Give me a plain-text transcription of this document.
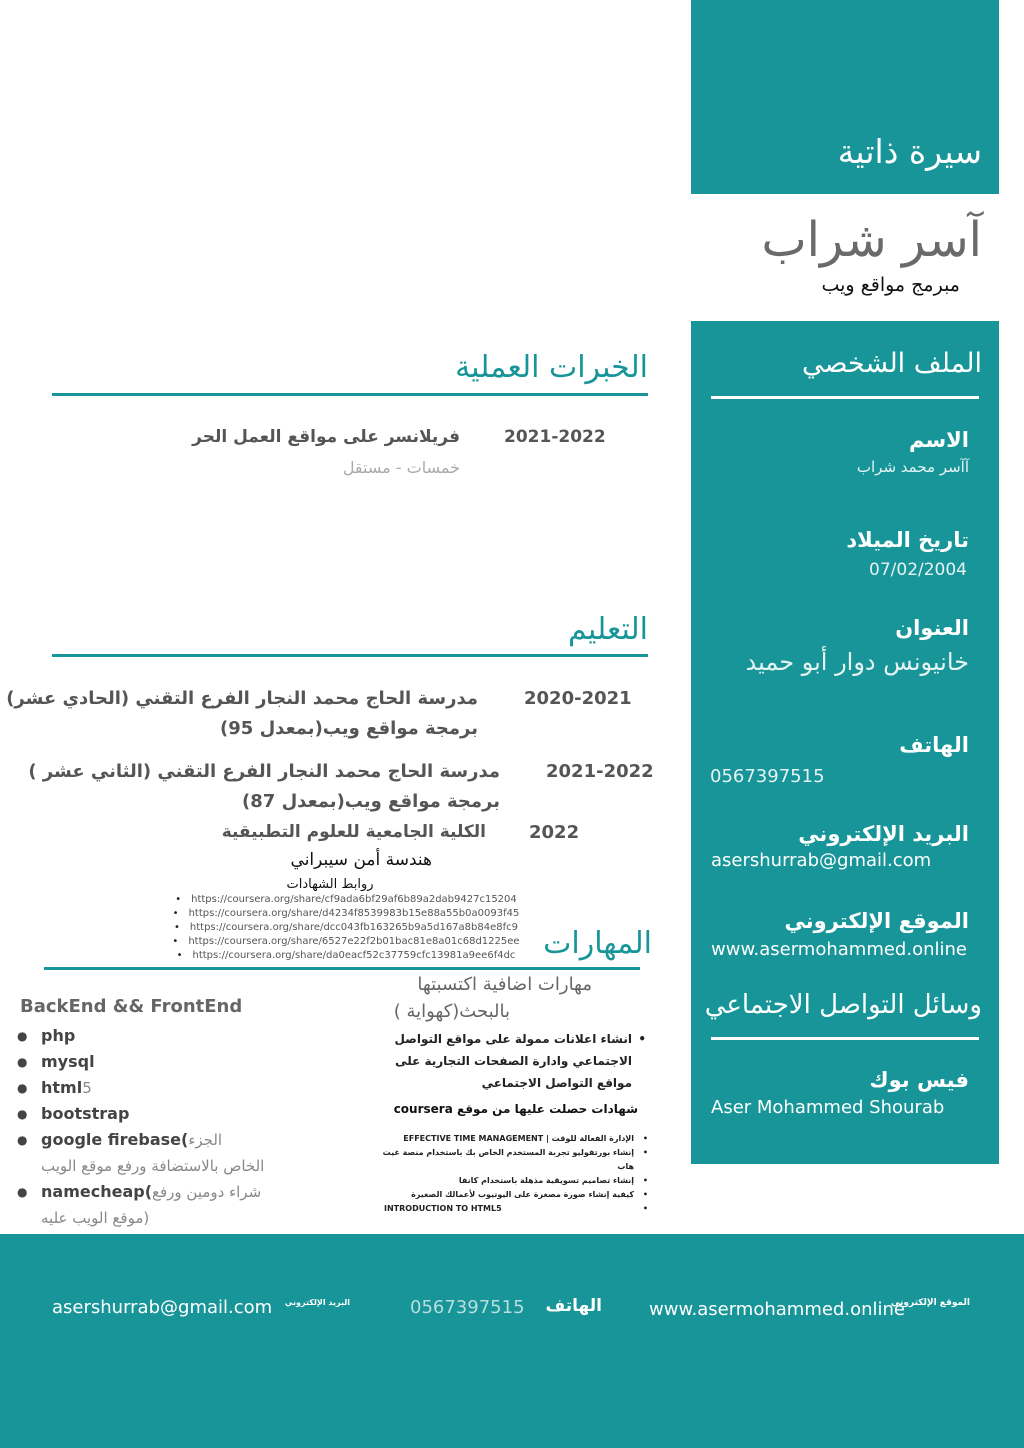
سيرة ذاتية
آسر شراب
مبرمج مواقع ويب
الملف الشخصي
الاسم
آآسر محمد شراب
تاريخ الميلاد
07/02/2004
العنوان
خانيونس دوار أبو حميد
الهاتف
0567397515
البريد الإلكتروني
asershurrab@gmail.com
الموقع الإلكتروني
www.asermohammed.online
وسائل التواصل الاجتماعي
فيس بوك
Aser Mohammed Shourab
الخبرات العملية
2021-2022
فريلانسر على مواقع العمل الحر
خمسات - مستقل
التعليم
2020-2021
مدرسة الحاج محمد النجار الفرع التقني (الحادي عشر)
برمجة مواقع ويب(بمعدل 95)
2021-2022
مدرسة الحاج محمد النجار الفرع التقني (الثاني عشر )
برمجة مواقع ويب(بمعدل 87)
2022
الكلية الجامعية للعلوم التطبيقية
هندسة أمن سيبراني
روابط الشهادات
• https://coursera.org/share/cf9ada6bf29af6b89a2dab9427c15204
• https://coursera.org/share/d4234f8539983b15e88a55b0a0093f45
• https://coursera.org/share/dcc043fb163265b9a5d167a8b84e8fc9
• https://coursera.org/share/6527e22f2b01bac81e8a01c68d1225ee
• https://coursera.org/share/da0eacf52c37759cfc13981a9ee6f4dc المهارات
BackEnd && FrontEnd
● php
● mysql
● html5
● bootstrap
● google firebase(الجزء الخاص بالاستضافة ورفع موقع الويب
● namecheap(شراء دومين ورفع موقع الويب عليه)
مهارات اضافية اكتسبتها
بالبحث(كهواية )
• انشاء اعلانات ممولة على مواقع التواصل الاجتماعي وادارة الصفحات التجارية على مواقع التواصل الاجتماعي
شهادات حصلت عليها من موقع coursera
• الإدارة الفعالة للوقت | EFFECTIVE TIME MANAGEMENT
• إنشاء بورتفوليو تجربة المستخدم الخاص بك باستخدام منصة غيت هاب
• إنشاء تصاميم تسويقية مذهلة باستخدام كانفا
• كيفية إنشاء صورة مصغرة على اليوتيوب لأعمالك الصغيرة
• INTRODUCTION TO HTML5
asershurrab@gmail.com البريد الإلكتروني	0567397515	الهاتف	www.asermohammed.online
الموقع الإلكتروني
